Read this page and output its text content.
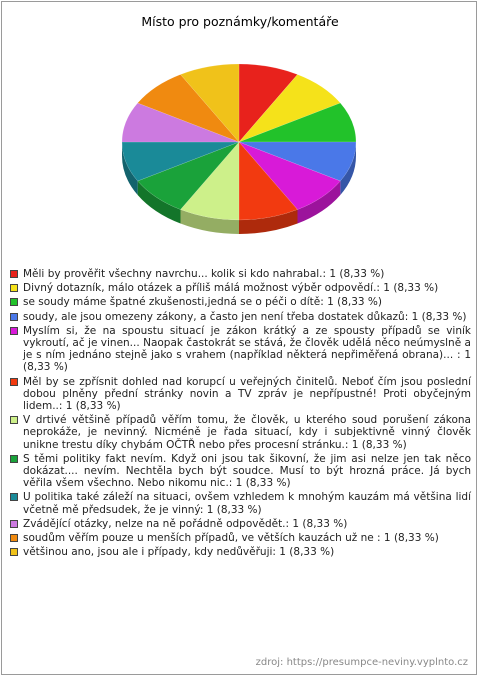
Místo pro poznámky/komentáře
Měli by prověřit všechny navrchu... kolik si kdo nahrabal.: 1 (8,33 %)
Divný dotazník, málo otázek a příliš málá možnost výběr odpovědí.: 1 (8,33 %)
se soudy máme špatné zkušenosti,jedná se o péči o dítě: 1 (8,33 %)
soudy, ale jsou omezeny zákony, a často jen není třeba dostatek důkazů: 1 (8,33 %)
Myslím si, že na spoustu situací je zákon krátký a ze spousty případů se viník vykroutí, ač je vinen... Naopak častokrát se stává, že člověk udělá něco neúmyslně a je s ním jednáno stejně jako s vrahem (například některá nepřiměřená obrana)... : 1 (8,33 %)
Měl by se zpřísnit dohled nad korupcí u veřejných činitelů. Neboť čím jsou poslední dobou plněny přední stránky novin a TV zpráv je nepřípustné! Proti obyčejným lidem..: 1 (8,33 %)
V drtivé většině případů věřím tomu, že člověk, u kterého soud porušení zákona neprokáže, je nevinný. Nicméně je řada situací, kdy i subjektivně vinný člověk unikne trestu díky chybám OČTŘ nebo přes procesní stránku.: 1 (8,33 %)
S těmi politiky fakt nevím. Když oni jsou tak šikovní, že jim asi nelze jen tak něco dokázat.... nevím. Nechtěla bych být soudce. Musí to být hrozná práce. Já bych věřila všem všechno. Nebo nikomu nic.: 1 (8,33 %)
U politika také záleží na situaci, ovšem vzhledem k mnohým kauzám má většina lidí včetně mě předsudek, že je vinný: 1 (8,33 %)
Zvádějící otázky, nelze na ně pořádně odpovědět.: 1 (8,33 %)
soudům věřím pouze u menších případů, ve větších kauzách už ne : 1 (8,33 %)
většinou ano, jsou ale i případy, kdy nedůvěřuji: 1 (8,33 %)
zdroj: https://presumpce-neviny.vyplnto.cz
